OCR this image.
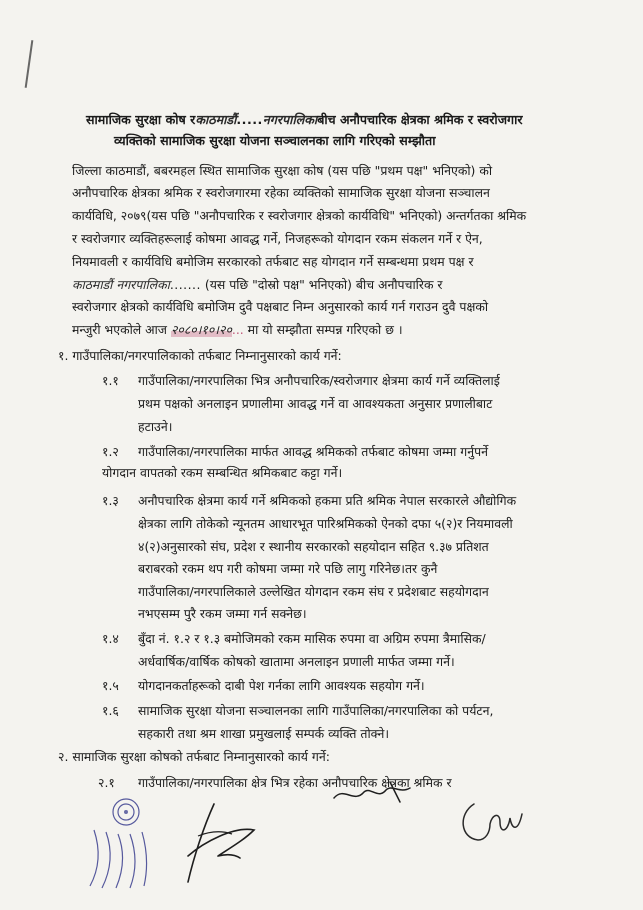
सामाजिक सुरक्षा कोष रकाठमाडौं.....नगरपालिकाबीच अनौपचारिक क्षेत्रका श्रमिक र स्वरोजगार
व्यक्तिको सामाजिक सुरक्षा योजना सञ्चालनका लागि गरिएको सम्झौता
जिल्ला काठमाडौं, बबरमहल स्थित सामाजिक सुरक्षा कोष (यस पछि "प्रथम पक्ष" भनिएको) को
अनौपचारिक क्षेत्रका श्रमिक र स्वरोजगारमा रहेका व्यक्तिको सामाजिक सुरक्षा योजना सञ्चालन
कार्यविधि, २०७९(यस पछि "अनौपचारिक र स्वरोजगार क्षेत्रको कार्यविधि" भनिएको) अन्तर्गतका श्रमिक
र स्वरोजगार व्यक्तिहरूलाई कोषमा आवद्ध गर्ने, निजहरूको योगदान रकम संकलन गर्ने र ऐन,
नियमावली र कार्यविधि बमोजिम सरकारको तर्फबाट सह योगदान गर्ने सम्बन्धमा प्रथम पक्ष र
काठमाडौं नगरपालिका....... (यस पछि "दोस्रो पक्ष" भनिएको) बीच अनौपचारिक र
स्वरोजगार क्षेत्रको कार्यविधि बमोजिम दुवै पक्षबाट निम्न अनुसारको कार्य गर्न गराउन दुवै पक्षको
मन्जुरी भएकोले आज २०८०।१०।२०... मा यो सम्झौता सम्पन्न गरिएको छ ।
१. गाउँपालिका/नगरपालिकाको तर्फबाट निम्नानुसारको कार्य गर्ने:
१.१ गाउँपालिका/नगरपालिका भित्र अनौपचारिक/स्वरोजगार क्षेत्रमा कार्य गर्ने व्यक्तिलाई
प्रथम पक्षको अनलाइन प्रणालीमा आवद्ध गर्ने वा आवश्यकता अनुसार प्रणालीबाट
हटाउने।
१.२ गाउँपालिका/नगरपालिका मार्फत आवद्ध श्रमिकको तर्फबाट कोषमा जम्मा गर्नुपर्ने
योगदान वापतको रकम सम्बन्धित श्रमिकबाट कट्टा गर्ने।
१.३ अनौपचारिक क्षेत्रमा कार्य गर्ने श्रमिकको हकमा प्रति श्रमिक नेपाल सरकारले औद्योगिक
क्षेत्रका लागि तोकेको न्यूनतम आधारभूत पारिश्रमिकको ऐनको दफा ५(२)र नियमावली
४(२)अनुसारको संघ, प्रदेश र स्थानीय सरकारको सहयोदान सहित ९.३७ प्रतिशत
बराबरको रकम थप गरी कोषमा जम्मा गरे पछि लागु गरिनेछ।तर कुनै
गाउँपालिका/नगरपालिकाले उल्लेखित योगदान रकम संघ र प्रदेशबाट सहयोगदान
नभएसम्म पुरै रकम जम्मा गर्न सक्नेछ।
१.४ बुँदा नं. १.२ र १.३ बमोजिमको रकम मासिक रुपमा वा अग्रिम रुपमा त्रैमासिक/
अर्धवार्षिक/वार्षिक कोषको खातामा अनलाइन प्रणाली मार्फत जम्मा गर्ने।
१.५ योगदानकर्ताहरूको दाबी पेश गर्नका लागि आवश्यक सहयोग गर्ने।
१.६ सामाजिक सुरक्षा योजना सञ्चालनका लागि गाउँपालिका/नगरपालिका को पर्यटन,
सहकारी तथा श्रम शाखा प्रमुखलाई सम्पर्क व्यक्ति तोक्ने।
२. सामाजिक सुरक्षा कोषको तर्फबाट निम्नानुसारको कार्य गर्ने:
२.१ गाउँपालिका/नगरपालिका क्षेत्र भित्र रहेका अनौपचारिक क्षेत्रका श्रमिक र
